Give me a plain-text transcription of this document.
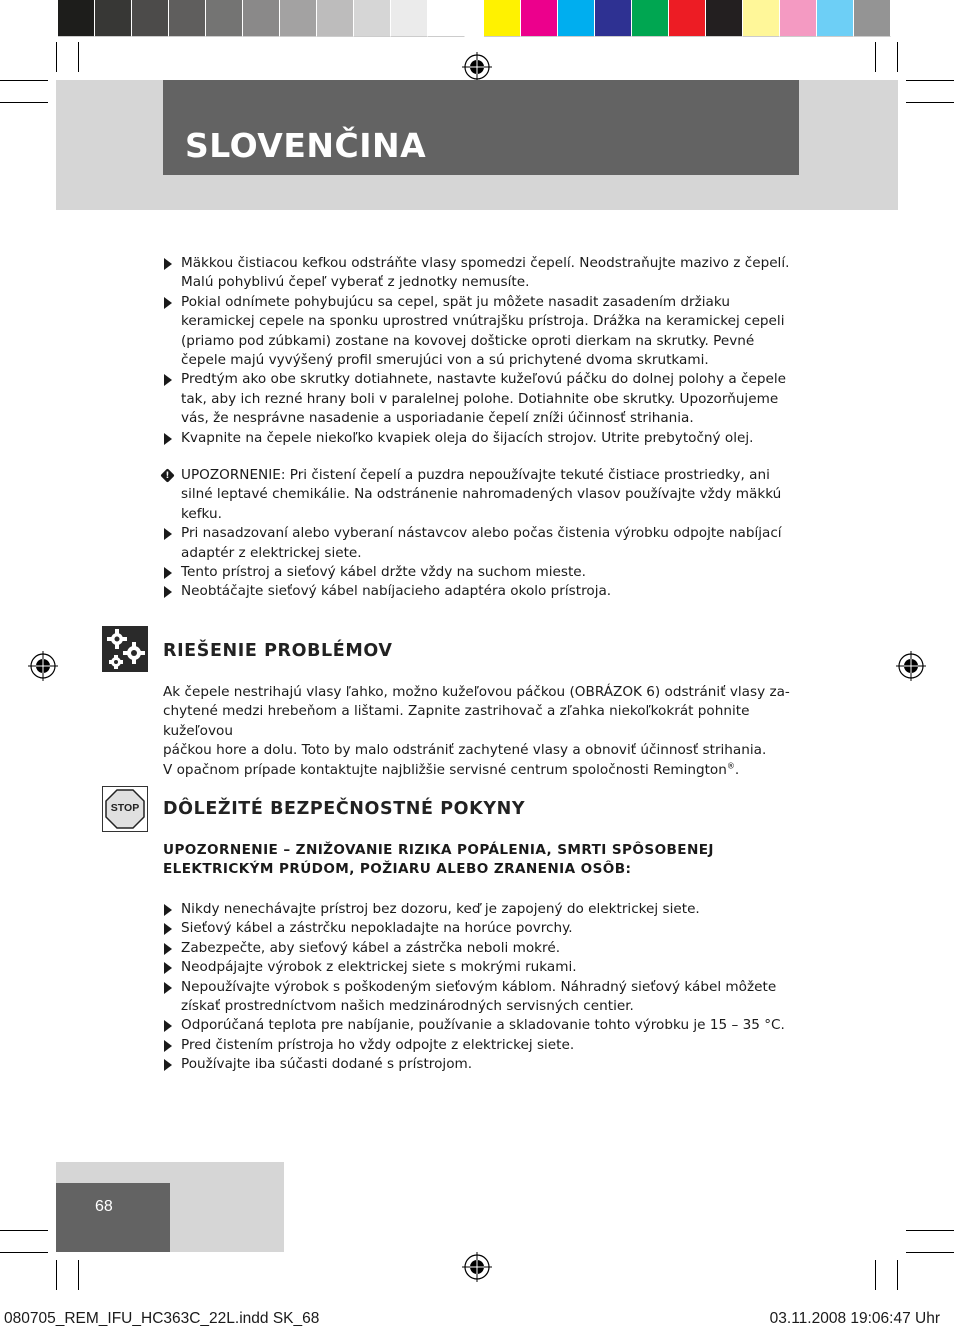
SLOVENČINA
Mäkkou čistiacou kefkou odstráňte vlasy spomedzi čepelí. Neodstraňujte mazivo z čepelí. Malú pohyblivú čepeľ vyberať z jednotky nemusíte.
Pokial odnímete pohybujúcu sa cepel, spät ju môžete nasadit zasadením držiaku keramickej cepele na sponku uprostred vnútrajšku prístroja. Drážka na keramickej cepeli (priamo pod zúbkami) zostane na kovovej došticke oproti dierkam na skrutky. Pevné čepele majú vyvýšený profil smerujúci von a sú prichytené dvoma skrutkami.
Predtým ako obe skrutky dotiahnete, nastavte kužeľovú páčku do dolnej polohy a čepele tak, aby ich rezné hrany boli v paralelnej polohe. Dotiahnite obe skrutky. Upozorňujeme vás, že nesprávne nasadenie a usporiadanie čepelí zníži účinnosť strihania.
Kvapnite na čepele niekoľko kvapiek oleja do šijacích strojov. Utrite prebytočný olej.
!
UPOZORNENIE: Pri čistení čepelí a puzdra nepoužívajte tekuté čistiace prostriedky, ani silné leptavé chemikálie. Na odstránenie nahromadených vlasov používajte vždy mäkkú kefku.
Pri nasadzovaní alebo vyberaní nástavcov alebo počas čistenia výrobku odpojte nabíjací adaptér z elektrickej siete.
Tento prístroj a sieťový kábel držte vždy na suchom mieste.
Neobtáčajte sieťový kábel nabíjacieho adaptéra okolo prístroja.
RIEŠENIE PROBLÉMOV
Ak čepele nestrihajú vlasy ľahko, možno kužeľovou páčkou (OBRÁZOK 6) odstrániť vlasy za-
chytené medzi hrebeňom a lištami. Zapnite zastrihovač a zľahka niekoľkokrát pohnite kužeľovou
páčkou hore a dolu. Toto by malo odstrániť zachytené vlasy a obnoviť účinnosť strihania.
V opačnom prípade kontaktujte najbližšie servisné centrum spoločnosti Remington®.
STOP	DÔLEŽITÉ BEZPEČNOSTNÉ POKYNY
UPOZORNENIE – ZNIŽOVANIE RIZIKA POPÁLENIA, SMRTI SPÔSOBENEJ
ELEKTRICKÝM PRÚDOM, POŽIARU ALEBO ZRANENIA OSÔB:
Nikdy nenechávajte prístroj bez dozoru, keď je zapojený do elektrickej siete.
Sieťový kábel a zástrčku nepokladajte na horúce povrchy.
Zabezpečte, aby sieťový kábel a zástrčka neboli mokré.
Neodpájajte výrobok z elektrickej siete s mokrými rukami.
Nepoužívajte výrobok s poškodeným sieťovým káblom. Náhradný sieťový kábel môžete získať prostredníctvom našich medzinárodných servisných centier.
Odporúčaná teplota pre nabíjanie, používanie a skladovanie tohto výrobku je 15 – 35 °C.
Pred čistením prístroja ho vždy odpojte z elektrickej siete.
Používajte iba súčasti dodané s prístrojom.
68
080705_REM_IFU_HC363C_22L.indd SK_68	03.11.2008 19:06:47 Uhr
